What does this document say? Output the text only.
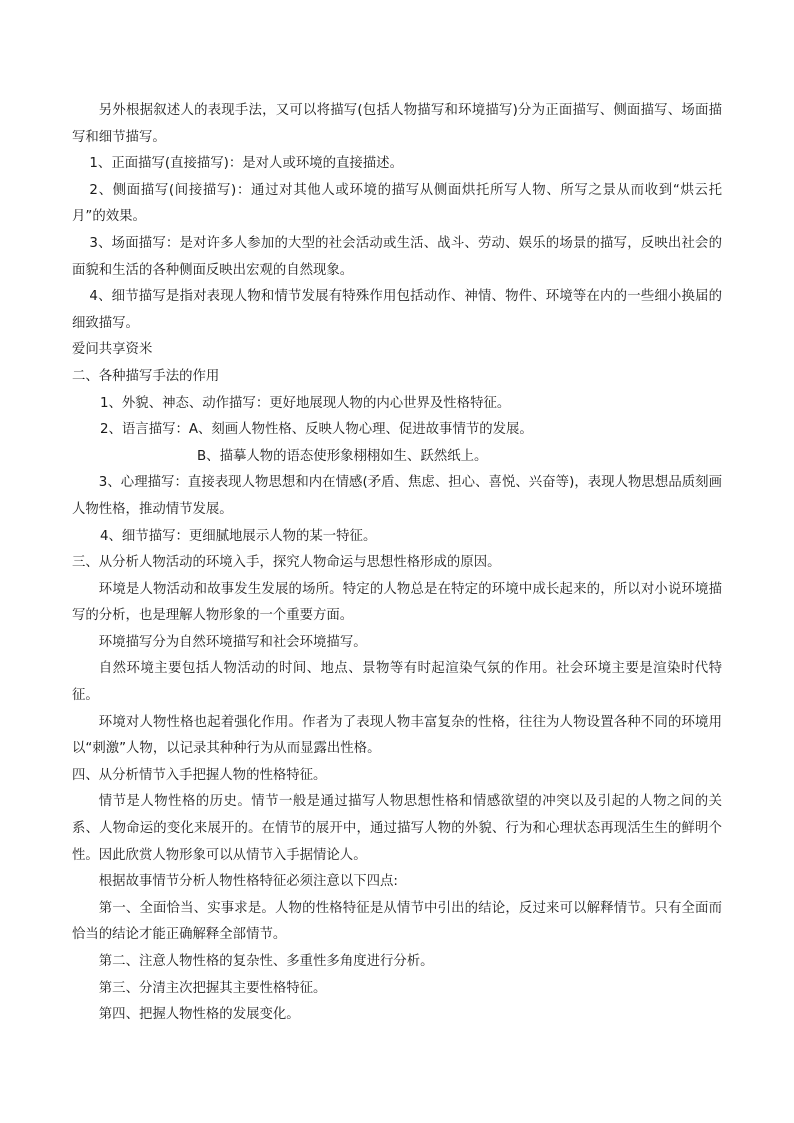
另外根据叙述人的表现手法，又可以将描写(包括人物描写和环境描写)分为正面描写、侧面描写、场面描写和细节描写。

1、正面描写(直接描写)：是对人或环境的直接描述。

2、侧面描写(间接描写)：通过对其他人或环境的描写从侧面烘托所写人物、所写之景从而收到“烘云托月”的效果。

3、场面描写：是对许多人参加的大型的社会活动或生活、战斗、劳动、娱乐的场景的描写，反映出社会的面貌和生活的各种侧面反映出宏观的自然现象。

4、细节描写是指对表现人物和情节发展有特殊作用包括动作、神情、物件、环境等在内的一些细小换届的细致描写。

爱问共享资米

二、各种描写手法的作用

1、外貌、神态、动作描写：更好地展现人物的内心世界及性格特征。

2、语言描写：A、刻画人物性格、反映人物心理、促进故事情节的发展。

B、描摹人物的语态使形象栩栩如生、跃然纸上。

3、心理描写：直接表现人物思想和内在情感(矛盾、焦虑、担心、喜悦、兴奋等)，表现人物思想品质刻画人物性格，推动情节发展。

4、细节描写：更细腻地展示人物的某一特征。

三、从分析人物活动的环境入手，探究人物命运与思想性格形成的原因。

环境是人物活动和故事发生发展的场所。特定的人物总是在特定的环境中成长起来的，所以对小说环境描写的分析，也是理解人物形象的一个重要方面。

环境描写分为自然环境描写和社会环境描写。

自然环境主要包括人物活动的时间、地点、景物等有时起渲染气氛的作用。社会环境主要是渲染时代特征。

环境对人物性格也起着强化作用。作者为了表现人物丰富复杂的性格，往往为人物设置各种不同的环境用以“刺激”人物，以记录其种种行为从而显露出性格。

四、从分析情节入手把握人物的性格特征。

情节是人物性格的历史。情节一般是通过描写人物思想性格和情感欲望的冲突以及引起的人物之间的关系、人物命运的变化来展开的。在情节的展开中，通过描写人物的外貌、行为和心理状态再现活生生的鲜明个性。因此欣赏人物形象可以从情节入手据情论人。

根据故事情节分析人物性格特征必须注意以下四点:

第一、全面恰当、实事求是。人物的性格特征是从情节中引出的结论，反过来可以解释情节。只有全面而恰当的结论才能正确解释全部情节。

第二、注意人物性格的复杂性、多重性多角度进行分析。

第三、分清主次把握其主要性格特征。

第四、把握人物性格的发展变化。
